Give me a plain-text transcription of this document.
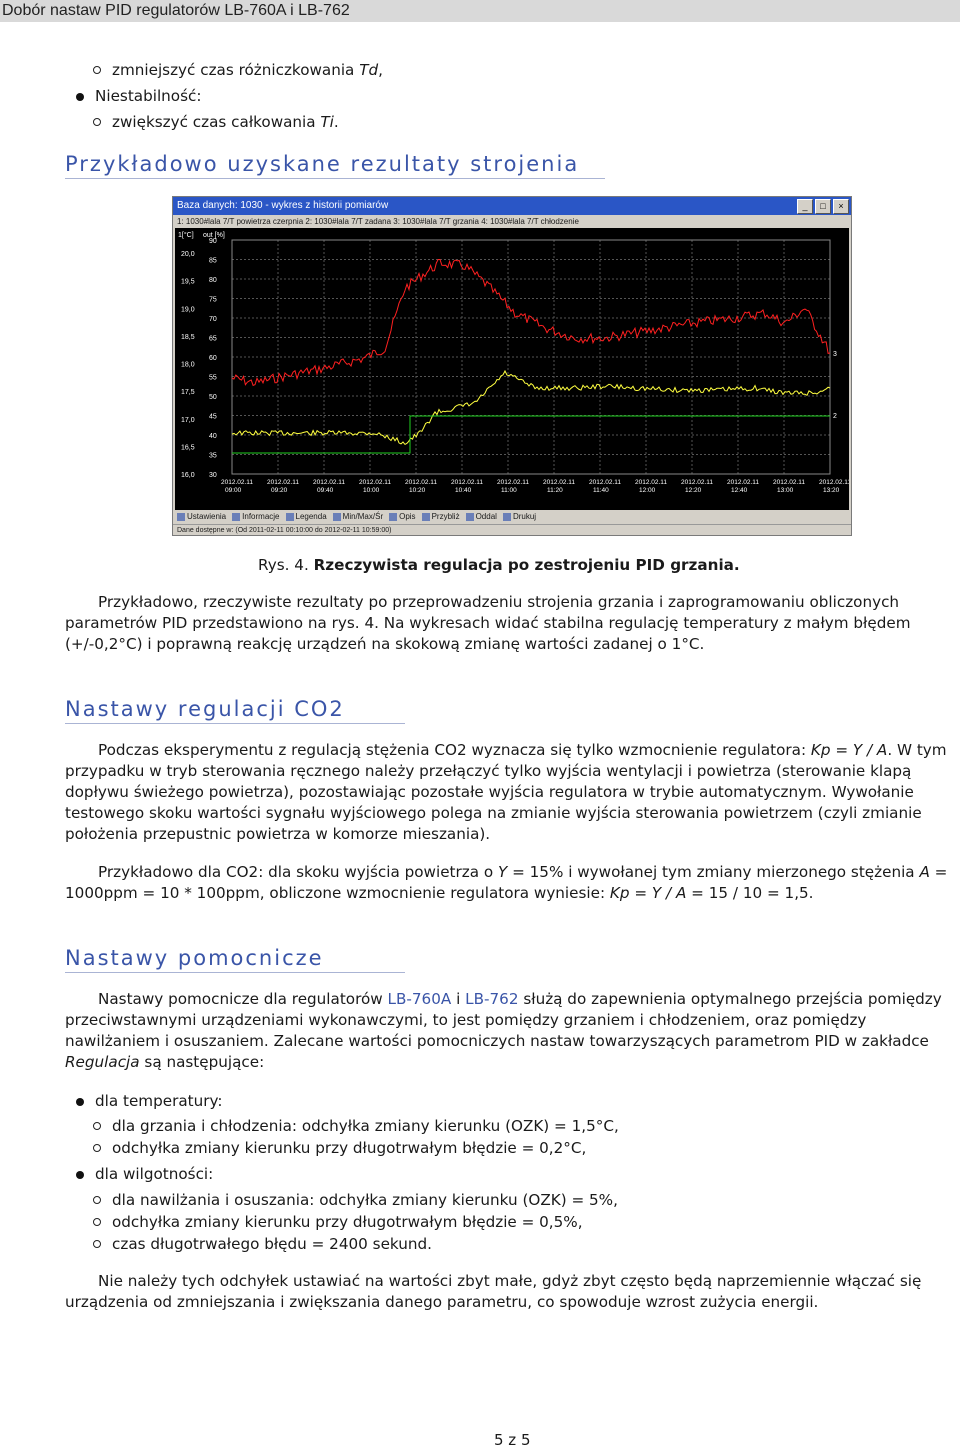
Dobór nastaw PID regulatorów LB-760A i LB-762
zmniejszyć czas różniczkowania Td,
Niestabilność:
zwiększyć czas całkowania Ti.
Przykładowo uzyskane rezultaty strojenia
Baza danych: 1030 - wykres z historii pomiarów	_	□	×
1: 1030#lala 7/T powietrza czerpnia 2: 1030#lala 7/T zadana 3: 1030#lala 7/T grzania 4: 1030#lala 7/T chłodzenie
1[°C] out [%]
20,0
19,5
19,0
18,5
18,0
17,5
17,0
16,5
16,0
90
85
80
75
70
65
60
55
50
45
40
35
30
2012.02.11
09:00
2012.02.11
09:20
2012.02.11
09:40
2012.02.11
10:00
2012.02.11
10:20
2012.02.11
10:40
2012.02.11
11:00
2012.02.11
11:20
2012.02.11
11:40
2012.02.11
12:00
2012.02.11
12:20
2012.02.11
12:40
2012.02.11
13:00
2012.02.11
13:20
3
2
Ustawienia Informacje Legenda Min/Max/Śr Opis Przybliż Oddal Drukuj
Dane dostępne w: (Od 2011-02-11 00:10:00 do 2012-02-11 10:59:00)
Rys. 4. Rzeczywista regulacja po zestrojeniu PID grzania.
Przykładowo, rzeczywiste rezultaty po przeprowadzeniu strojenia grzania i zaprogramowaniu obliczonych parametrów PID przedstawiono na rys. 4. Na wykresach widać stabilna regulację temperatury z małym błędem (+/-0,2°C) i poprawną reakcję urządzeń na skokową zmianę wartości zadanej o 1°C.
Nastawy regulacji CO2
Podczas eksperymentu z regulacją stężenia CO2 wyznacza się tylko wzmocnienie regulatora: Kp = Y / A. W tym przypadku w tryb sterowania ręcznego należy przełączyć tylko wyjścia wentylacji i powietrza (sterowanie klapą dopływu świeżego powietrza), pozostawiając pozostałe wyjścia regulatora w trybie automatycznym. Wywołanie testowego skoku wartości sygnału wyjściowego polega na zmianie wyjścia sterowania powietrzem (czyli zmianie położenia przepustnic powietrza w komorze mieszania).
Przykładowo dla CO2: dla skoku wyjścia powietrza o Y = 15% i wywołanej tym zmiany mierzonego stężenia A = 1000ppm = 10 * 100ppm, obliczone wzmocnienie regulatora wyniesie: Kp = Y / A = 15 / 10 = 1,5.
Nastawy pomocnicze
Nastawy pomocnicze dla regulatorów LB-760A i LB-762 służą do zapewnienia optymalnego przejścia pomiędzy przeciwstawnymi urządzeniami wykonawczymi, to jest pomiędzy grzaniem i chłodzeniem, oraz pomiędzy nawilżaniem i osuszaniem. Zalecane wartości pomocniczych nastaw towarzyszących parametrom PID w zakładce Regulacja są następujące:
dla temperatury:
dla grzania i chłodzenia: odchyłka zmiany kierunku (OZK) = 1,5°C,
odchyłka zmiany kierunku przy długotrwałym błędzie = 0,2°C,
dla wilgotności:
dla nawilżania i osuszania: odchyłka zmiany kierunku (OZK) = 5%,
odchyłka zmiany kierunku przy długotrwałym błędzie = 0,5%,
czas długotrwałego błędu = 2400 sekund.
Nie należy tych odchyłek ustawiać na wartości zbyt małe, gdyż zbyt często będą naprzemiennie włączać się urządzenia od zmniejszania i zwiększania danego parametru, co spowoduje wzrost zużycia energii.
5 z 5
